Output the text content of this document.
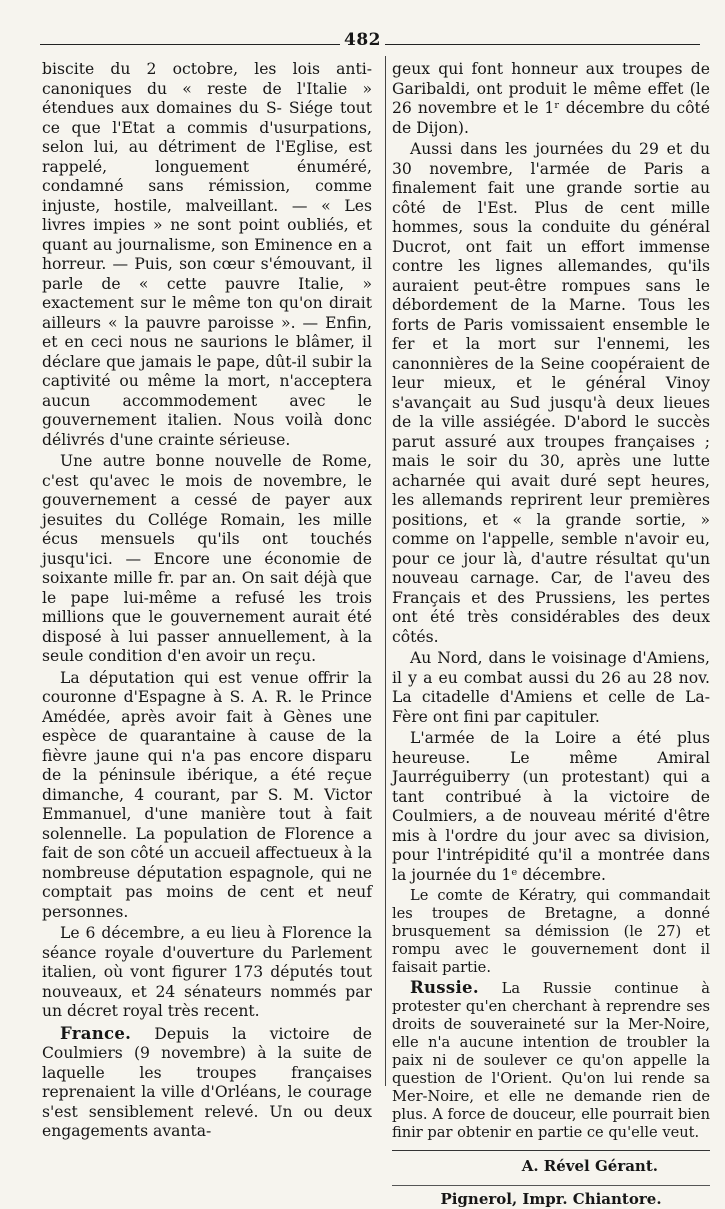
482

biscite du 2 octobre, les lois anti-canoniques du « reste de l'Italie » étendues aux domaines du S‑ Siége tout ce que l'Etat a commis d'usurpations, selon lui, au détriment de l'Eglise, est rappelé, longuement énuméré, condamné sans rémission, comme injuste, hostile, malveillant. — « Les livres impies » ne sont point oubliés, et quant au journalisme, son Eminence en a horreur. — Puis, son cœur s'émouvant, il parle de « cette pauvre Italie, » exactement sur le même ton qu'on dirait ailleurs « la pauvre paroisse ». — Enfin, et en ceci nous ne saurions le blâmer, il déclare que jamais le pape, dût-il subir la captivité ou même la mort, n'acceptera aucun accommodement avec le gouvernement italien. Nous voilà donc délivrés d'une crainte sérieuse.

Une autre bonne nouvelle de Rome, c'est qu'avec le mois de novembre, le gouvernement a cessé de payer aux jesuites du Collége Romain, les mille écus mensuels qu'ils ont touchés jusqu'ici. — Encore une économie de soixante mille fr. par an. On sait déjà que le pape lui-même a refusé les trois millions que le gouvernement aurait été disposé à lui passer annuellement, à la seule condition d'en avoir un reçu.

La députation qui est venue offrir la couronne d'Espagne à S. A. R. le Prince Amédée, après avoir fait à Gènes une espèce de quarantaine à cause de la fièvre jaune qui n'a pas encore disparu de la péninsule ibérique, a été reçue dimanche, 4 courant, par S. M. Victor Emmanuel, d'une manière tout à fait solennelle. La population de Florence a fait de son côté un accueil affectueux à la nombreuse députation espagnole, qui ne comptait pas moins de cent et neuf personnes.

Le 6 décembre, a eu lieu à Florence la séance royale d'ouverture du Parlement italien, où vont figurer 173 députés tout nouveaux, et 24 sénateurs nommés par un décret royal très recent.

France. Depuis la victoire de Coulmiers (9 novembre) à la suite de laquelle les troupes françaises reprenaient la ville d'Orléans, le courage s'est sensiblement relevé. Un ou deux engagements avanta-

geux qui font honneur aux troupes de Garibaldi, ont produit le même effet (le 26 novembre et le 1ʳ décembre du côté de Dijon).

Aussi dans les journées du 29 et du 30 novembre, l'armée de Paris a finalement fait une grande sortie au côté de l'Est. Plus de cent mille hommes, sous la conduite du général Ducrot, ont fait un effort immense contre les lignes allemandes, qu'ils auraient peut-être rompues sans le débordement de la Marne. Tous les forts de Paris vomissaient ensemble le fer et la mort sur l'ennemi, les canonnières de la Seine coopéraient de leur mieux, et le général Vinoy s'avançait au Sud jusqu'à deux lieues de la ville assiégée. D'abord le succès parut assuré aux troupes françaises ; mais le soir du 30, après une lutte acharnée qui avait duré sept heures, les allemands reprirent leur premières positions, et « la grande sortie, » comme on l'appelle, semble n'avoir eu, pour ce jour là, d'autre résultat qu'un nouveau carnage. Car, de l'aveu des Français et des Prussiens, les pertes ont été très considérables des deux côtés.

Au Nord, dans le voisinage d'Amiens, il y a eu combat aussi du 26 au 28 nov. La citadelle d'Amiens et celle de La-Fère ont fini par capituler.

L'armée de la Loire a été plus heureuse. Le même Amiral Jaurréguiberry (un protestant) qui a tant contribué à la victoire de Coulmiers, a de nouveau mérité d'être mis à l'ordre du jour avec sa division, pour l'intrépidité qu'il a montrée dans la journée du 1ᵉ décembre.

Le comte de Kératry, qui commandait les troupes de Bretagne, a donné brusquement sa démission (le 27) et rompu avec le gouvernement dont il faisait partie.

Russie. La Russie continue à protester qu'en cherchant à reprendre ses droits de souveraineté sur la Mer-Noire, elle n'a aucune intention de troubler la paix ni de soulever ce qu'on appelle la question de l'Orient. Qu'on lui rende sa Mer-Noire, et elle ne demande rien de plus. A force de douceur, elle pourrait bien finir par obtenir en partie ce qu'elle veut.

A. Rével Gérant.
Pignerol, Impr. Chiantore.
